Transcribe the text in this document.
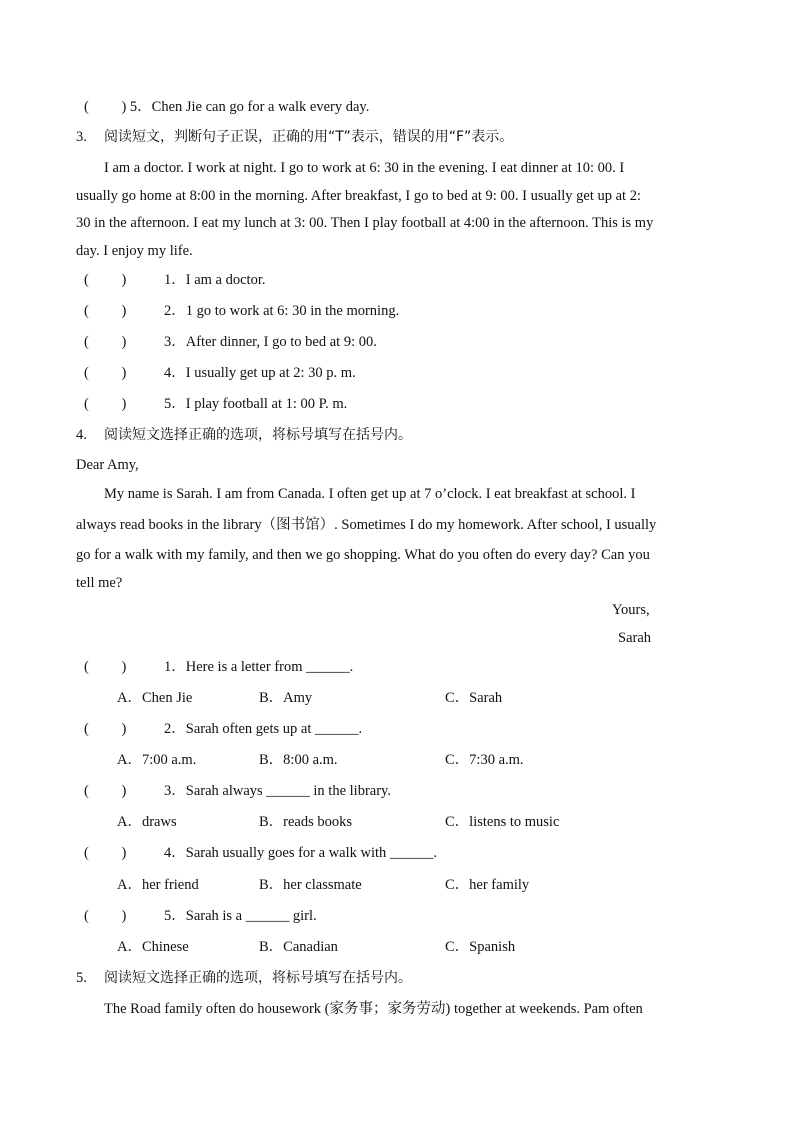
(　　 ) 5．Chen Jie can go for a walk every day.
3. 阅读短文，判断句子正误，正确的用“T”表示，错误的用“F”表示。
I am a doctor. I work at night. I go to work at 6: 30 in the evening. I eat dinner at 10: 00. I
usually go home at 8:00 in the morning. After breakfast, I go to bed at 9: 00. I usually get up at 2:
30 in the afternoon. I eat my lunch at 3: 00. Then I play football at 4:00 in the afternoon. This is my
day. I enjoy my life.
(　　 )	1．I am a doctor.
(　　 )	2．1 go to work at 6: 30 in the morning.
(　　 )	3．After dinner, I go to bed at 9: 00.
(　　 )	4．I usually get up at 2: 30 p. m.
(　　 )	5．I play football at 1: 00 P. m.
4. 阅读短文选择正确的选项，将标号填写在括号内。
Dear Amy,
My name is Sarah. I am from Canada. I often get up at 7 o’clock. I eat breakfast at school. I
always read books in the library（图书馆）. Sometimes I do my homework. After school, I usually
go for a walk with my family, and then we go shopping. What do you often do every day? Can you
tell me?
Yours,
Sarah
(　　 )	1．Here is a letter from ______.
A．Chen Jie	B．Amy	C．Sarah
(　　 )	2．Sarah often gets up at ______.
A．7:00 a.m.	B．8:00 a.m.	C．7:30 a.m.
(　　 )	3．Sarah always ______ in the library.
A．draws	B．reads books	C．listens to music
(　　 )	4．Sarah usually goes for a walk with ______.
A．her friend	B．her classmate	C．her family
(　　 )	5．Sarah is a ______ girl.
A．Chinese	B．Canadian	C．Spanish
5. 阅读短文选择正确的选项，将标号填写在括号内。
The Road family often do housework (家务事；家务劳动) together at weekends. Pam often
